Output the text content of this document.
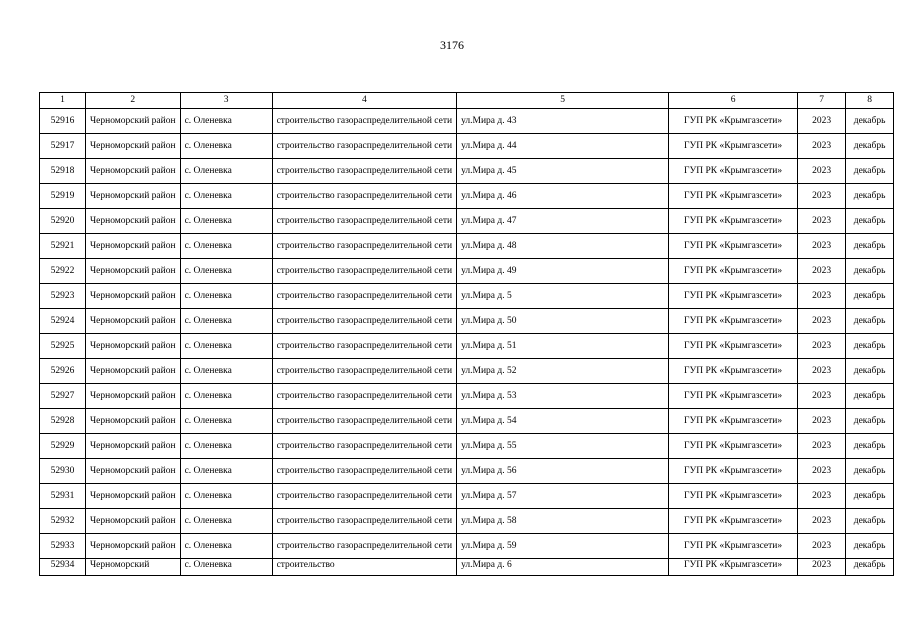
3176
1	2	3	4	5	6	7	8
52916	Черноморский район	с. Оленевка	строительство газораспределительной сети	ул.Мира д. 43	ГУП РК «Крымгазсети»	2023	декабрь
52917	Черноморский район	с. Оленевка	строительство газораспределительной сети	ул.Мира д. 44	ГУП РК «Крымгазсети»	2023	декабрь
52918	Черноморский район	с. Оленевка	строительство газораспределительной сети	ул.Мира д. 45	ГУП РК «Крымгазсети»	2023	декабрь
52919	Черноморский район	с. Оленевка	строительство газораспределительной сети	ул.Мира д. 46	ГУП РК «Крымгазсети»	2023	декабрь
52920	Черноморский район	с. Оленевка	строительство газораспределительной сети	ул.Мира д. 47	ГУП РК «Крымгазсети»	2023	декабрь
52921	Черноморский район	с. Оленевка	строительство газораспределительной сети	ул.Мира д. 48	ГУП РК «Крымгазсети»	2023	декабрь
52922	Черноморский район	с. Оленевка	строительство газораспределительной сети	ул.Мира д. 49	ГУП РК «Крымгазсети»	2023	декабрь
52923	Черноморский район	с. Оленевка	строительство газораспределительной сети	ул.Мира д. 5	ГУП РК «Крымгазсети»	2023	декабрь
52924	Черноморский район	с. Оленевка	строительство газораспределительной сети	ул.Мира д. 50	ГУП РК «Крымгазсети»	2023	декабрь
52925	Черноморский район	с. Оленевка	строительство газораспределительной сети	ул.Мира д. 51	ГУП РК «Крымгазсети»	2023	декабрь
52926	Черноморский район	с. Оленевка	строительство газораспределительной сети	ул.Мира д. 52	ГУП РК «Крымгазсети»	2023	декабрь
52927	Черноморский район	с. Оленевка	строительство газораспределительной сети	ул.Мира д. 53	ГУП РК «Крымгазсети»	2023	декабрь
52928	Черноморский район	с. Оленевка	строительство газораспределительной сети	ул.Мира д. 54	ГУП РК «Крымгазсети»	2023	декабрь
52929	Черноморский район	с. Оленевка	строительство газораспределительной сети	ул.Мира д. 55	ГУП РК «Крымгазсети»	2023	декабрь
52930	Черноморский район	с. Оленевка	строительство газораспределительной сети	ул.Мира д. 56	ГУП РК «Крымгазсети»	2023	декабрь
52931	Черноморский район	с. Оленевка	строительство газораспределительной сети	ул.Мира д. 57	ГУП РК «Крымгазсети»	2023	декабрь
52932	Черноморский район	с. Оленевка	строительство газораспределительной сети	ул.Мира д. 58	ГУП РК «Крымгазсети»	2023	декабрь
52933	Черноморский район	с. Оленевка	строительство газораспределительной сети	ул.Мира д. 59	ГУП РК «Крымгазсети»	2023	декабрь
52934	Черноморский	с. Оленевка	строительство	ул.Мира д. 6	ГУП РК «Крымгазсети»	2023	декабрь
